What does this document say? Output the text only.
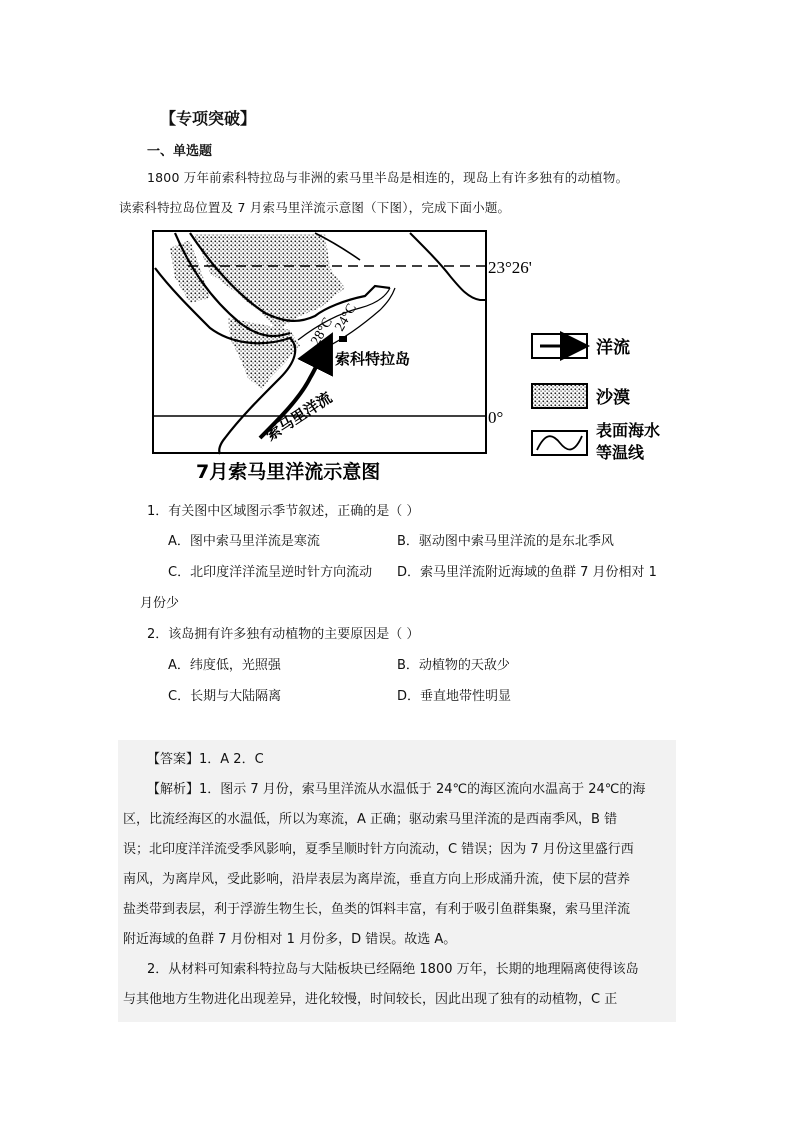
【专项突破】
一、单选题
1800 万年前索科特拉岛与非洲的索马里半岛是相连的，现岛上有许多独有的动植物。
读索科特拉岛位置及 7 月索马里洋流示意图（下图），完成下面小题。
23°26'
0°
28°C
24°C
索科特拉岛
索马里洋流
7月索马里洋流示意图
洋流
沙漠
表面海水
等温线
1．有关图中区域图示季节叙述，正确的是（ ）
A．图中索马里洋流是寒流	B．驱动图中索马里洋流的是东北季风
C．北印度洋洋流呈逆时针方向流动 D．索马里洋流附近海域的鱼群 7 月份相对 1
月份少
2．该岛拥有许多独有动植物的主要原因是（ ）
A．纬度低，光照强	B．动植物的天敌少
C．长期与大陆隔离	D．垂直地带性明显
【答案】1．A 2．C
【解析】1．图示 7 月份，索马里洋流从水温低于 24℃的海区流向水温高于 24℃的海
区，比流经海区的水温低，所以为寒流，A 正确；驱动索马里洋流的是西南季风，B 错
误；北印度洋洋流受季风影响，夏季呈顺时针方向流动，C 错误；因为 7 月份这里盛行西
南风，为离岸风，受此影响，沿岸表层为离岸流，垂直方向上形成涌升流，使下层的营养
盐类带到表层，利于浮游生物生长，鱼类的饵料丰富，有利于吸引鱼群集聚，索马里洋流
附近海域的鱼群 7 月份相对 1 月份多，D 错误。故选 A。
2．从材料可知索科特拉岛与大陆板块已经隔绝 1800 万年，长期的地理隔离使得该岛
与其他地方生物进化出现差异，进化较慢，时间较长，因此出现了独有的动植物，C 正
